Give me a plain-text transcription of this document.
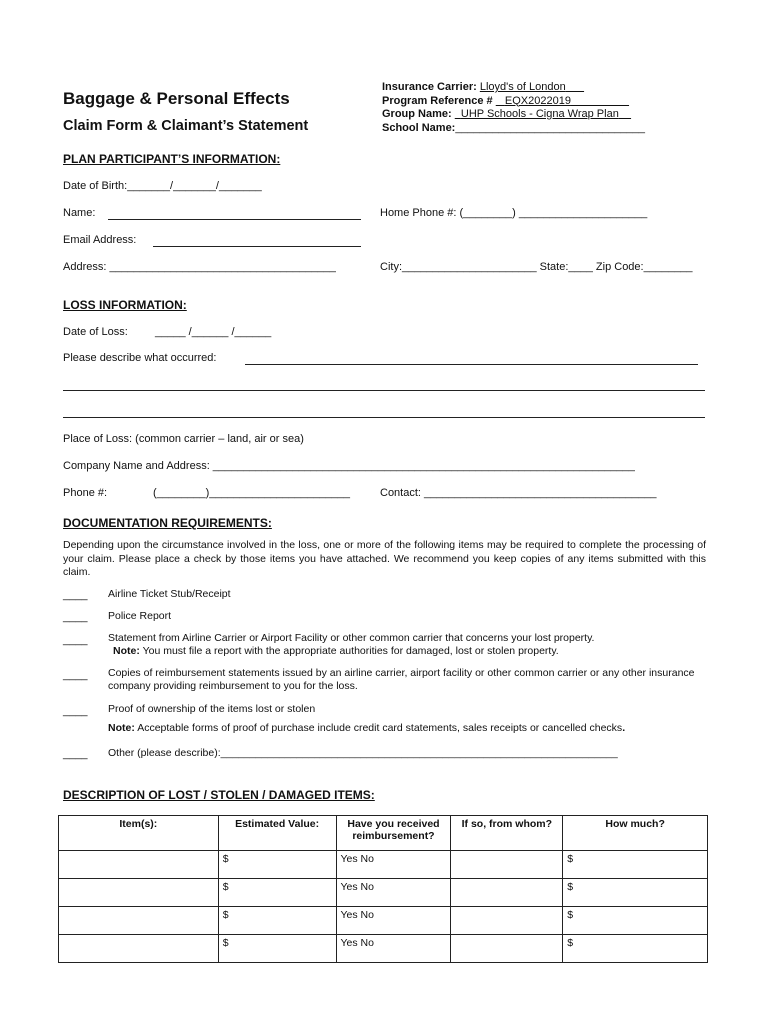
Baggage & Personal Effects
Claim Form & Claimant’s Statement
Insurance Carrier: Lloyd's of London
Program Reference # EQX2022019
Group Name: UHP Schools - Cigna Wrap Plan
School Name:_______________________________
PLAN PARTICIPANT’S INFORMATION:
Date of Birth:_______/_______/_______
Name:	Home Phone #: (________) _____________________
Email Address:
Address: _____________________________________	City:______________________ State:____ Zip Code:________
LOSS INFORMATION:
Date of Loss: _____ /______ /______
Please describe what occurred:
Place of Loss: (common carrier – land, air or sea)
Company Name and Address: _____________________________________________________________________
Phone #:	(________)_______________________	Contact: ______________________________________
DOCUMENTATION REQUIREMENTS:
Depending upon the circumstance involved in the loss, one or more of the following items may be required to complete the processing of your claim. Please place a check by those items you have attached. We recommend you keep copies of any items submitted with this claim.
____ Airline Ticket Stub/Receipt
____ Police Report
____ Statement from Airline Carrier or Airport Facility or other common carrier that concerns your lost property.
Note: You must file a report with the appropriate authorities for damaged, lost or stolen property.
____ Copies of reimbursement statements issued by an airline carrier, airport facility or other common carrier or any other insurance company providing reimbursement to you for the loss.
____ Proof of ownership of the items lost or stolen
Note: Acceptable forms of proof of purchase include credit card statements, sales receipts or cancelled checks.
____ Other (please describe):____________________________________________________________________
DESCRIPTION OF LOST / STOLEN / DAMAGED ITEMS:
Item(s):	Estimated Value:	Have you received reimbursement?	If so, from whom?	How much?
	$	Yes No		$
	$	Yes No		$
	$	Yes No		$
	$	Yes No		$
